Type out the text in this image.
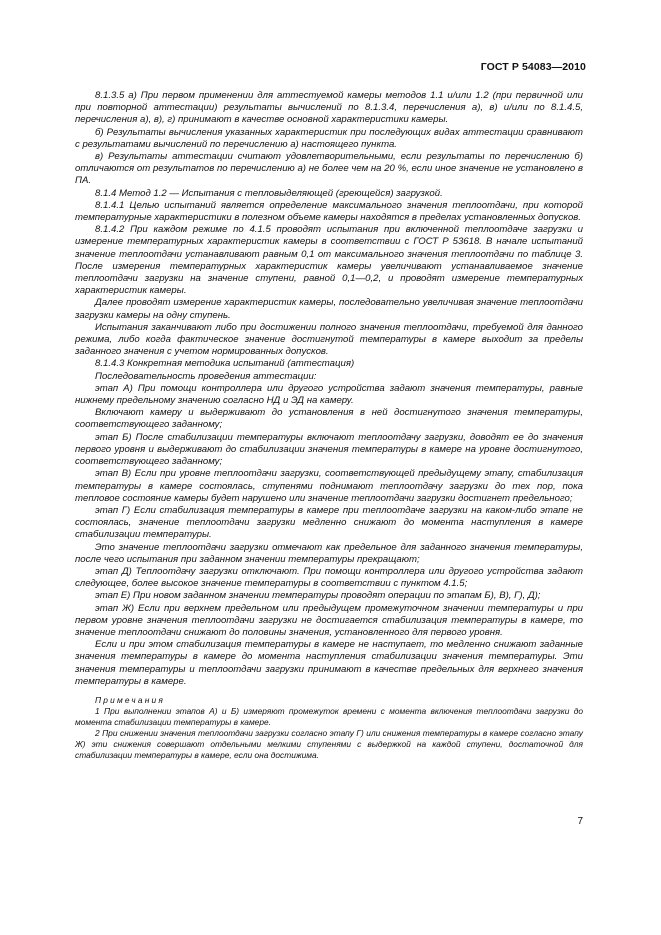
ГОСТ Р 54083—2010

8.1.3.5 а) При первом применении для аттестуемой камеры методов 1.1 и/или 1.2 (при первичной или при повторной аттестации) результаты вычислений по 8.1.3.4, перечисления а), в) и/или по 8.1.4.5, перечисления а), в), г) принимают в качестве основной характеристики камеры.

б) Результаты вычисления указанных характеристик при последующих видах аттестации сравнивают с результатами вычислений по перечислению а) настоящего пункта.

в) Результаты аттестации считают удовлетворительными, если результаты по перечислению б) отличаются от результатов по перечислению а) не более чем на 20 %, если иное значение не установлено в ПА.

8.1.4 Метод 1.2 — Испытания с тепловыделяющей (греющейся) загрузкой.

8.1.4.1 Целью испытаний является определение максимального значения теплоотдачи, при которой температурные характеристики в полезном объеме камеры находятся в пределах установленных допусков.

8.1.4.2 При каждом режиме по 4.1.5 проводят испытания при включенной теплоотдаче загрузки и измерение температурных характеристик камеры в соответствии с ГОСТ Р 53618. В начале испытаний значение теплоотдачи устанавливают равным 0,1 от максимального значения теплоотдачи по таблице 3. После измерения температурных характеристик камеры увеличивают устанавливаемое значение теплоотдачи загрузки на значение ступени, равной 0,1—0,2, и проводят измерение температурных характеристик камеры.

Далее проводят измерение характеристик камеры, последовательно увеличивая значение теплоотдачи загрузки камеры на одну ступень.

Испытания заканчивают либо при достижении полного значения теплоотдачи, требуемой для данного режима, либо когда фактическое значение достигнутой температуры в камере выходит за пределы заданного значения с учетом нормированных допусков.

8.1.4.3 Конкретная методика испытаний (аттестация)

Последовательность проведения аттестации:

этап А) При помощи контроллера или другого устройства задают значения температуры, равные нижнему предельному значению согласно НД и ЭД на камеру.

Включают камеру и выдерживают до установления в ней достигнутого значения температуры, соответствующего заданному;

этап Б) После стабилизации температуры включают теплоотдачу загрузки, доводят ее до значения первого уровня и выдерживают до стабилизации значения температуры в камере на уровне достигнутого, соответствующего заданному;

этап В) Если при уровне теплоотдачи загрузки, соответствующей предыдущему этапу, стабилизация температуры в камере состоялась, ступенями поднимают теплоотдачу загрузки до тех пор, пока тепловое состояние камеры будет нарушено или значение теплоотдачи загрузки достигнет предельного;

этап Г) Если стабилизация температуры в камере при теплоотдаче загрузки на каком-либо этапе не состоялась, значение теплоотдачи загрузки медленно снижают до момента наступления в камере стабилизации температуры.

Это значение теплоотдачи загрузки отмечают как предельное для заданного значения температуры, после чего испытания при заданном значении температуры прекращают;

этап Д) Теплоотдачу загрузки отключают. При помощи контроллера или другого устройства задают следующее, более высокое значение температуры в соответствии с пунктом 4.1.5;

этап Е) При новом заданном значении температуры проводят операции по этапам Б), В), Г), Д);

этап Ж) Если при верхнем предельном или предыдущем промежуточном значении температуры и при первом уровне значения теплоотдачи загрузки не достигается стабилизация температуры в камере, то значение теплоотдачи снижают до половины значения, установленного для первого уровня.

Если и при этом стабилизация температуры в камере не наступает, то медленно снижают заданные значения температуры в камере до момента наступления стабилизации значения температуры. Эти значения температуры и теплоотдачи загрузки принимают в качестве предельных для верхнего значения температуры в камере.

Примечания

1 При выполнении этапов А) и Б) измеряют промежуток времени с момента включения теплоотдачи загрузки до момента стабилизации температуры в камере.

2 При снижении значения теплоотдачи загрузки согласно этапу Г) или снижения температуры в камере согласно этапу Ж) эти снижения совершают отдельными мелкими ступенями с выдержкой на каждой ступени, достаточной для стабилизации температуры в камере, если она достижима.

7
